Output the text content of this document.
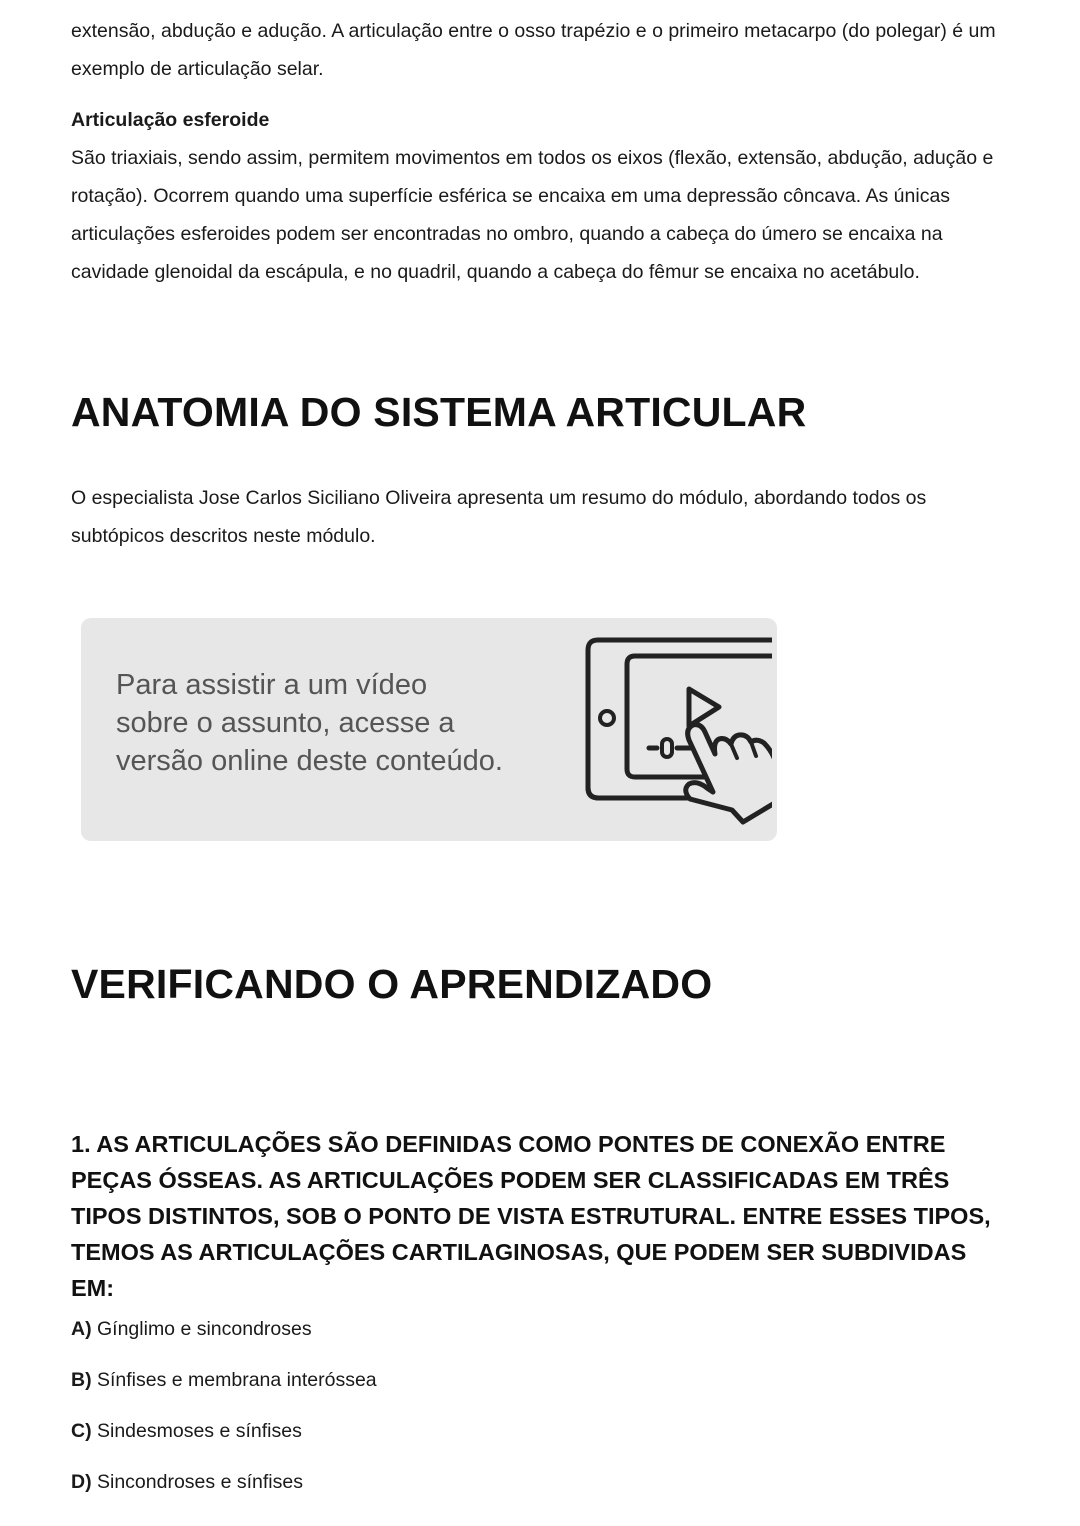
extensão, abdução e adução. A articulação entre o osso trapézio e o primeiro metacarpo (do polegar) é um exemplo de articulação selar.

Articulação esferoide

São triaxiais, sendo assim, permitem movimentos em todos os eixos (flexão, extensão, abdução, adução e rotação). Ocorrem quando uma superfície esférica se encaixa em uma depressão côncava. As únicas articulações esferoides podem ser encontradas no ombro, quando a cabeça do úmero se encaixa na cavidade glenoidal da escápula, e no quadril, quando a cabeça do fêmur se encaixa no acetábulo.

ANATOMIA DO SISTEMA ARTICULAR

O especialista Jose Carlos Siciliano Oliveira apresenta um resumo do módulo, abordando todos os subtópicos descritos neste módulo.

Para assistir a um vídeo
sobre o assunto, acesse a
versão online deste conteúdo.
VERIFICANDO O APRENDIZADO
1. AS ARTICULAÇÕES SÃO DEFINIDAS COMO PONTES DE CONEXÃO ENTRE PEÇAS ÓSSEAS. AS ARTICULAÇÕES PODEM SER CLASSIFICADAS EM TRÊS TIPOS DISTINTOS, SOB O PONTO DE VISTA ESTRUTURAL. ENTRE ESSES TIPOS, TEMOS AS ARTICULAÇÕES CARTILAGINOSAS, QUE PODEM SER SUBDIVIDAS EM:
A) Gínglimo e sincondroses
B) Sínfises e membrana interóssea
C) Sindesmoses e sínfises
D) Sincondroses e sínfises
